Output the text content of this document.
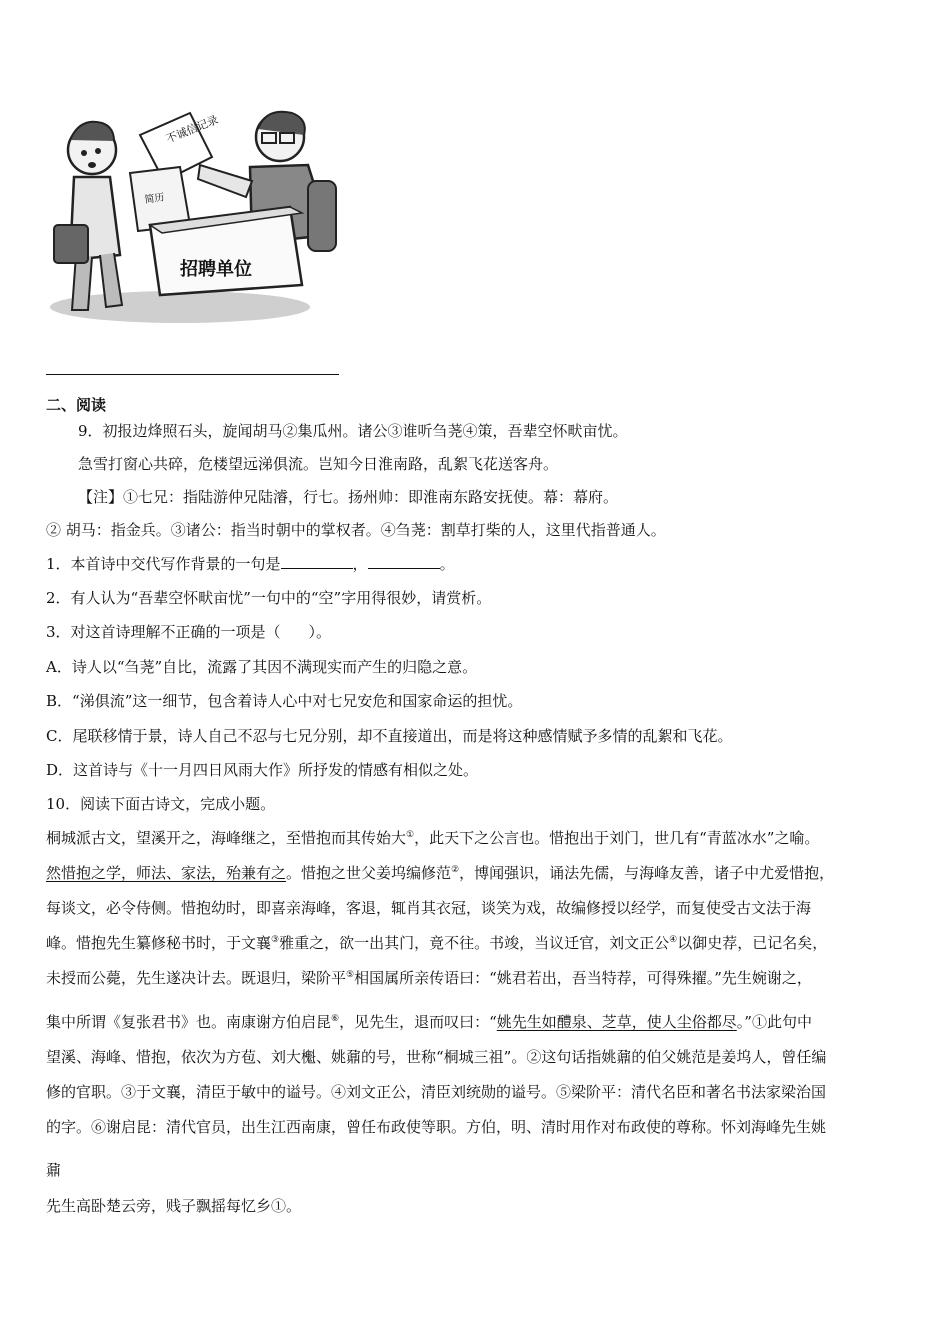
不诚信记录
简历
招聘单位
二、阅读
9．初报边烽照石头，旋闻胡马②集瓜州。诸公③谁听刍荛④策，吾辈空怀畎亩忧。
急雪打窗心共碎，危楼望远涕俱流。岂知今日淮南路，乱絮飞花送客舟。
【注】①七兄：指陆游仲兄陆濬，行七。扬州帅：即淮南东路安抚使。幕：幕府。
② 胡马：指金兵。③诸公：指当时朝中的掌权者。④刍荛：割草打柴的人，这里代指普通人。
1．本首诗中交代写作背景的一句是	，	。
2．有人认为“吾辈空怀畎亩忧”一句中的“空”字用得很妙，请赏析。
3．对这首诗理解不正确的一项是（ ）。
A．诗人以“刍荛”自比，流露了其因不满现实而产生的归隐之意。
B．“涕俱流”这一细节，包含着诗人心中对七兄安危和国家命运的担忧。
C．尾联移情于景，诗人自己不忍与七兄分别，却不直接道出，而是将这种感情赋予多情的乱絮和飞花。
D．这首诗与《十一月四日风雨大作》所抒发的情感有相似之处。
10．阅读下面古诗文，完成小题。
桐城派古文，望溪开之，海峰继之，至惜抱而其传始大①，此天下之公言也。惜抱出于刘门，世几有“青蓝冰水”之喻。
然惜抱之学，师法、家法，殆兼有之。惜抱之世父姜坞编修范②，博闻强识，诵法先儒，与海峰友善，诸子中尤爱惜抱，
每谈文，必令侍侧。惜抱幼时，即喜亲海峰，客退，辄肖其衣冠，谈笑为戏，故编修授以经学，而复使受古文法于海
峰。惜抱先生纂修秘书时，于文襄③雅重之，欲一出其门，竟不往。书竣，当议迁官，刘文正公④以御史荐，已记名矣，
未授而公薨，先生遂决计去。既退归，梁阶平⑤相国属所亲传语曰：“姚君若出，吾当特荐，可得殊擢。”先生婉谢之，
集中所谓《复张君书》也。南康谢方伯启昆⑥，见先生，退而叹曰：“姚先生如醴泉、芝草，使人尘俗都尽。”①此句中
望溪、海峰、惜抱，依次为方苞、刘大櫆、姚鼐的号，世称“桐城三祖”。②这句话指姚鼐的伯父姚范是姜坞人，曾任编
修的官职。③于文襄，清臣于敏中的谥号。④刘文正公，清臣刘统勋的谥号。⑤梁阶平：清代名臣和著名书法家梁治国
的字。⑥谢启昆：清代官员，出生江西南康，曾任布政使等职。方伯，明、清时用作对布政使的尊称。怀刘海峰先生姚
鼐
先生高卧楚云旁，贱子飘摇每忆乡①。
